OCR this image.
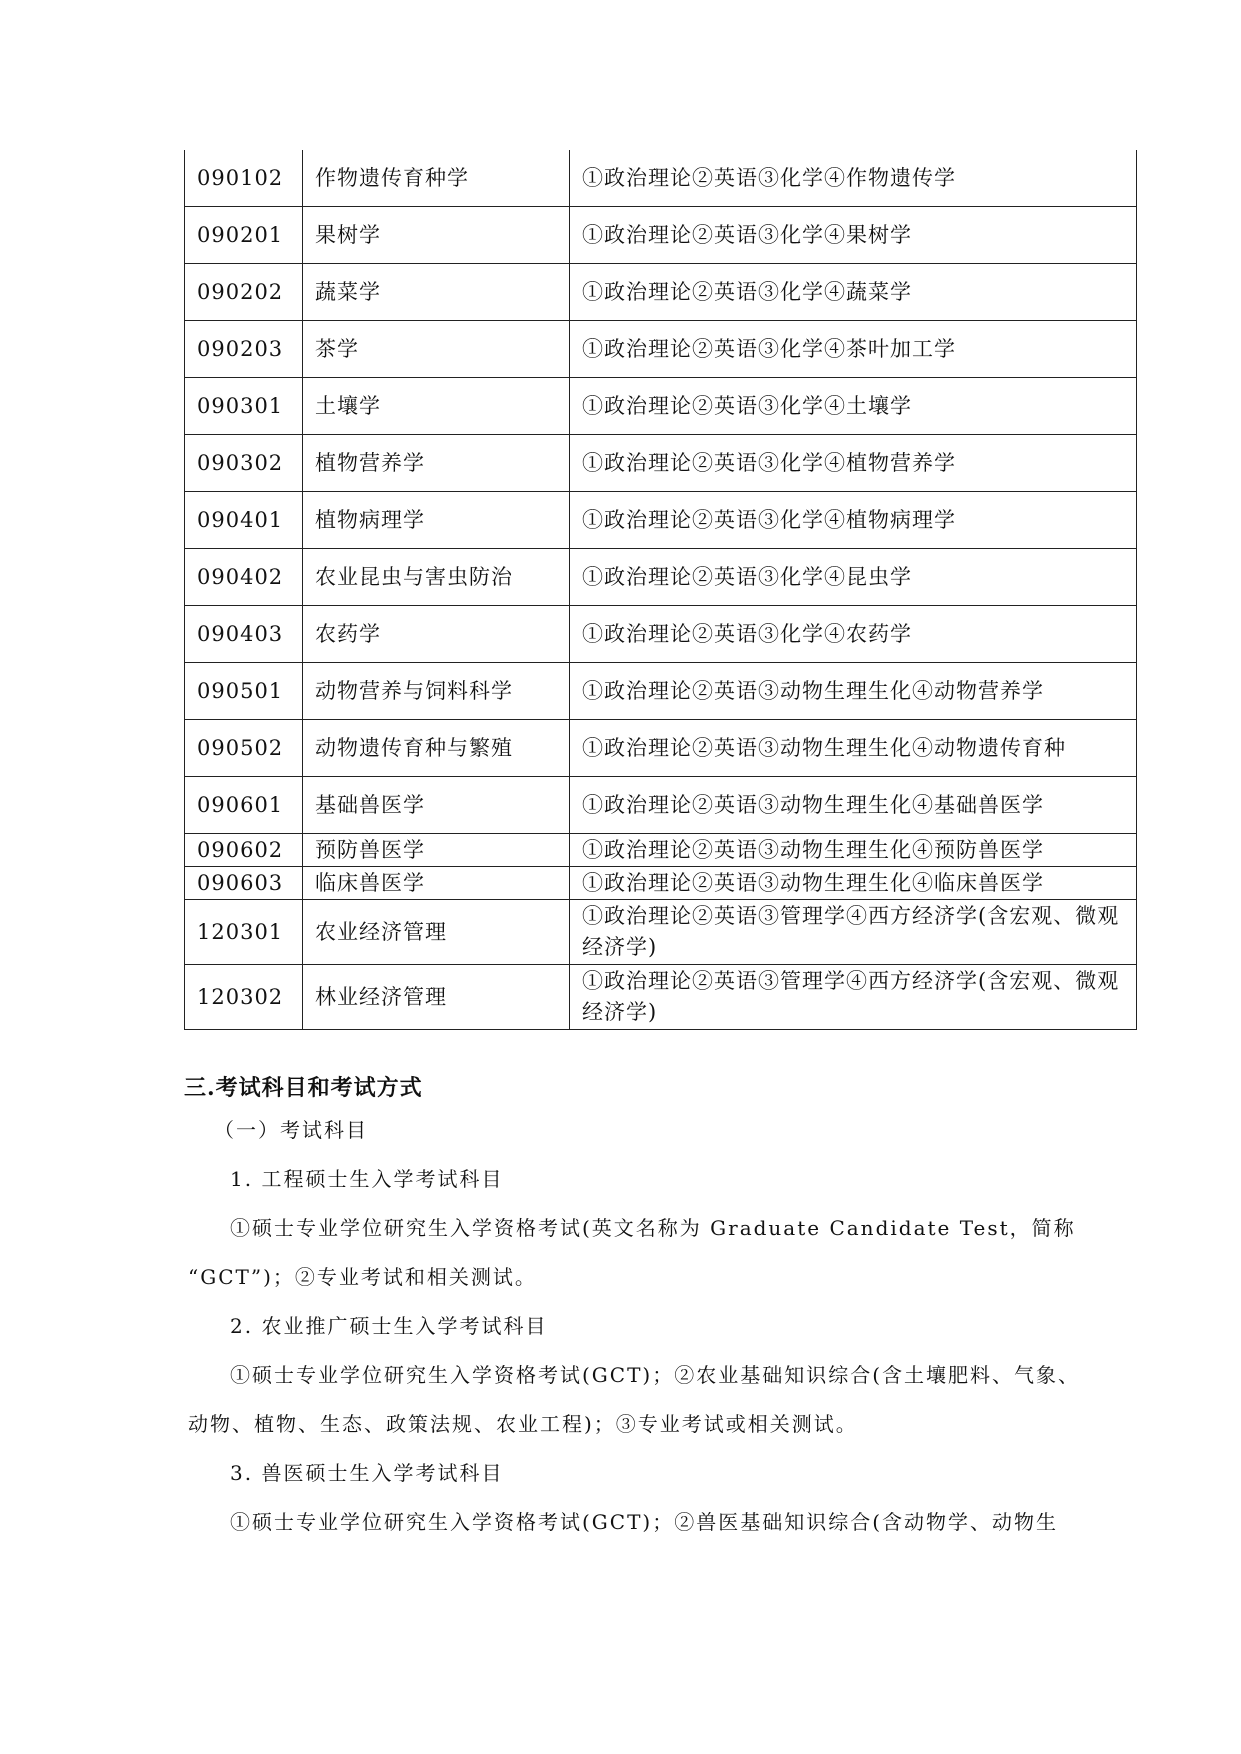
090102	作物遗传育种学	①政治理论②英语③化学④作物遗传学
090201	果树学	①政治理论②英语③化学④果树学
090202	蔬菜学	①政治理论②英语③化学④蔬菜学
090203	茶学	①政治理论②英语③化学④茶叶加工学
090301	土壤学	①政治理论②英语③化学④土壤学
090302	植物营养学	①政治理论②英语③化学④植物营养学
090401	植物病理学	①政治理论②英语③化学④植物病理学
090402	农业昆虫与害虫防治	①政治理论②英语③化学④昆虫学
090403	农药学	①政治理论②英语③化学④农药学
090501	动物营养与饲料科学	①政治理论②英语③动物生理生化④动物营养学
090502	动物遗传育种与繁殖	①政治理论②英语③动物生理生化④动物遗传育种
090601	基础兽医学	①政治理论②英语③动物生理生化④基础兽医学
090602	预防兽医学	①政治理论②英语③动物生理生化④预防兽医学
090603	临床兽医学	①政治理论②英语③动物生理生化④临床兽医学
120301	农业经济管理	①政治理论②英语③管理学④西方经济学(含宏观、微观经济学)
120302	林业经济管理	①政治理论②英语③管理学④西方经济学(含宏观、微观经济学)
三.考试科目和考试方式
（一）考试科目
1. 工程硕士生入学考试科目
①硕士专业学位研究生入学资格考试(英文名称为 Graduate Candidate Test，简称
“GCT”)；②专业考试和相关测试。
2. 农业推广硕士生入学考试科目
①硕士专业学位研究生入学资格考试(GCT)；②农业基础知识综合(含土壤肥料、气象、
动物、植物、生态、政策法规、农业工程)；③专业考试或相关测试。
3. 兽医硕士生入学考试科目
①硕士专业学位研究生入学资格考试(GCT)；②兽医基础知识综合(含动物学、动物生
